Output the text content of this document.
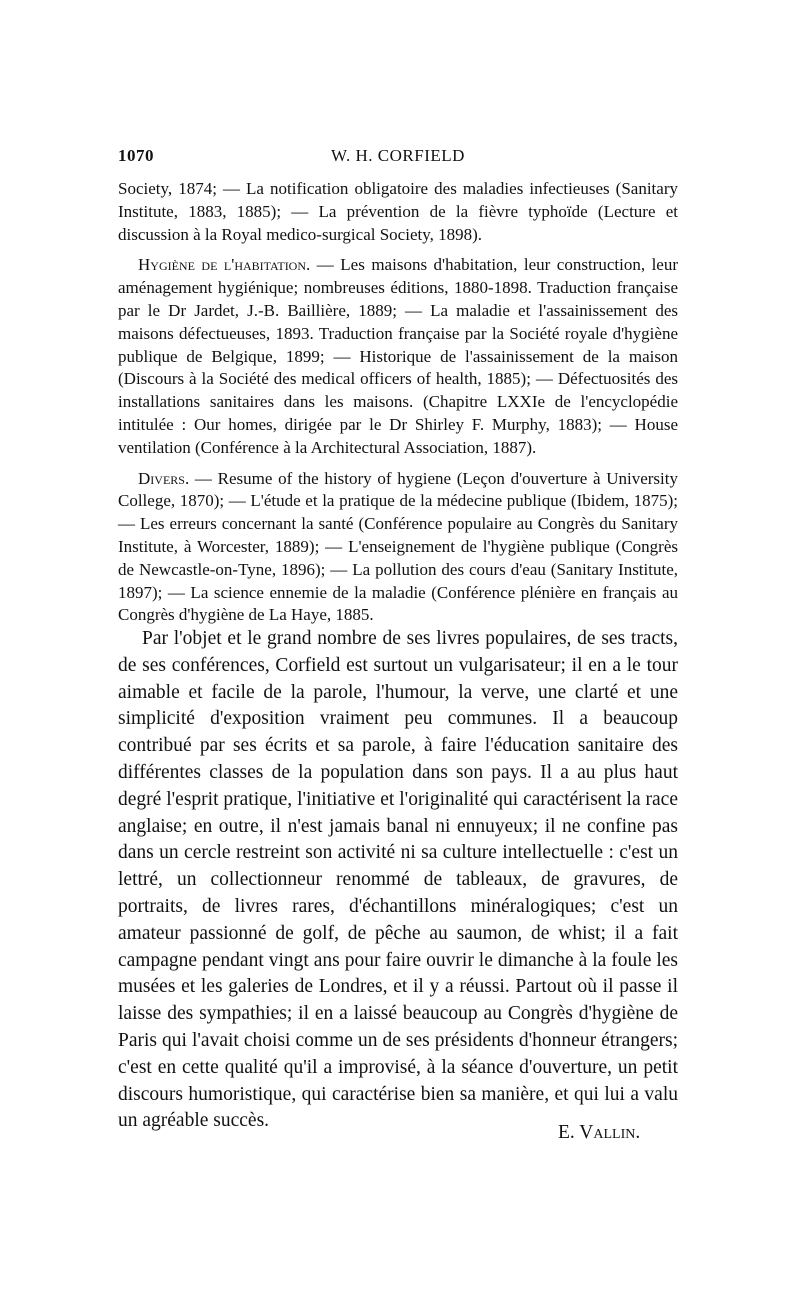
1070	W. H. CORFIELD

Society, 1874; — La notification obligatoire des maladies infectieuses (Sanitary Institute, 1883, 1885); — La prévention de la fièvre typhoïde (Lecture et discussion à la Royal medico-surgical Society, 1898).

Hygiène de l'habitation. — Les maisons d'habitation, leur construction, leur aménagement hygiénique; nombreuses éditions, 1880-1898. Traduction française par le Dr Jardet, J.-B. Baillière, 1889; — La maladie et l'assainissement des maisons défectueuses, 1893. Traduction française par la Société royale d'hygiène publique de Belgique, 1899; — Historique de l'assainissement de la maison (Discours à la Société des medical officers of health, 1885); — Défectuosités des installations sanitaires dans les maisons. (Chapitre LXXIe de l'encyclopédie intitulée : Our homes, dirigée par le Dr Shirley F. Murphy, 1883); — House ventilation (Conférence à la Architectural Association, 1887).

Divers. — Resume of the history of hygiene (Leçon d'ouverture à University College, 1870); — L'étude et la pratique de la médecine publique (Ibidem, 1875); — Les erreurs concernant la santé (Conférence populaire au Congrès du Sanitary Institute, à Worcester, 1889); — L'enseignement de l'hygiène publique (Congrès de Newcastle-on-Tyne, 1896); — La pollution des cours d'eau (Sanitary Institute, 1897); — La science ennemie de la maladie (Conférence plénière en français au Congrès d'hygiène de La Haye, 1885.

Par l'objet et le grand nombre de ses livres populaires, de ses tracts, de ses conférences, Corfield est surtout un vulgarisateur; il en a le tour aimable et facile de la parole, l'humour, la verve, une clarté et une simplicité d'exposition vraiment peu communes. Il a beaucoup contribué par ses écrits et sa parole, à faire l'éducation sanitaire des différentes classes de la population dans son pays. Il a au plus haut degré l'esprit pratique, l'initiative et l'originalité qui caractérisent la race anglaise; en outre, il n'est jamais banal ni ennuyeux; il ne confine pas dans un cercle restreint son activité ni sa culture intellectuelle : c'est un lettré, un collectionneur renommé de tableaux, de gravures, de portraits, de livres rares, d'échantillons minéralogiques; c'est un amateur passionné de golf, de pêche au saumon, de whist; il a fait campagne pendant vingt ans pour faire ouvrir le dimanche à la foule les musées et les galeries de Londres, et il y a réussi. Partout où il passe il laisse des sympathies; il en a laissé beaucoup au Congrès d'hygiène de Paris qui l'avait choisi comme un de ses présidents d'honneur étrangers; c'est en cette qualité qu'il a improvisé, à la séance d'ouverture, un petit discours humoristique, qui caractérise bien sa manière, et qui lui a valu un agréable succès.

E. Vallin.
